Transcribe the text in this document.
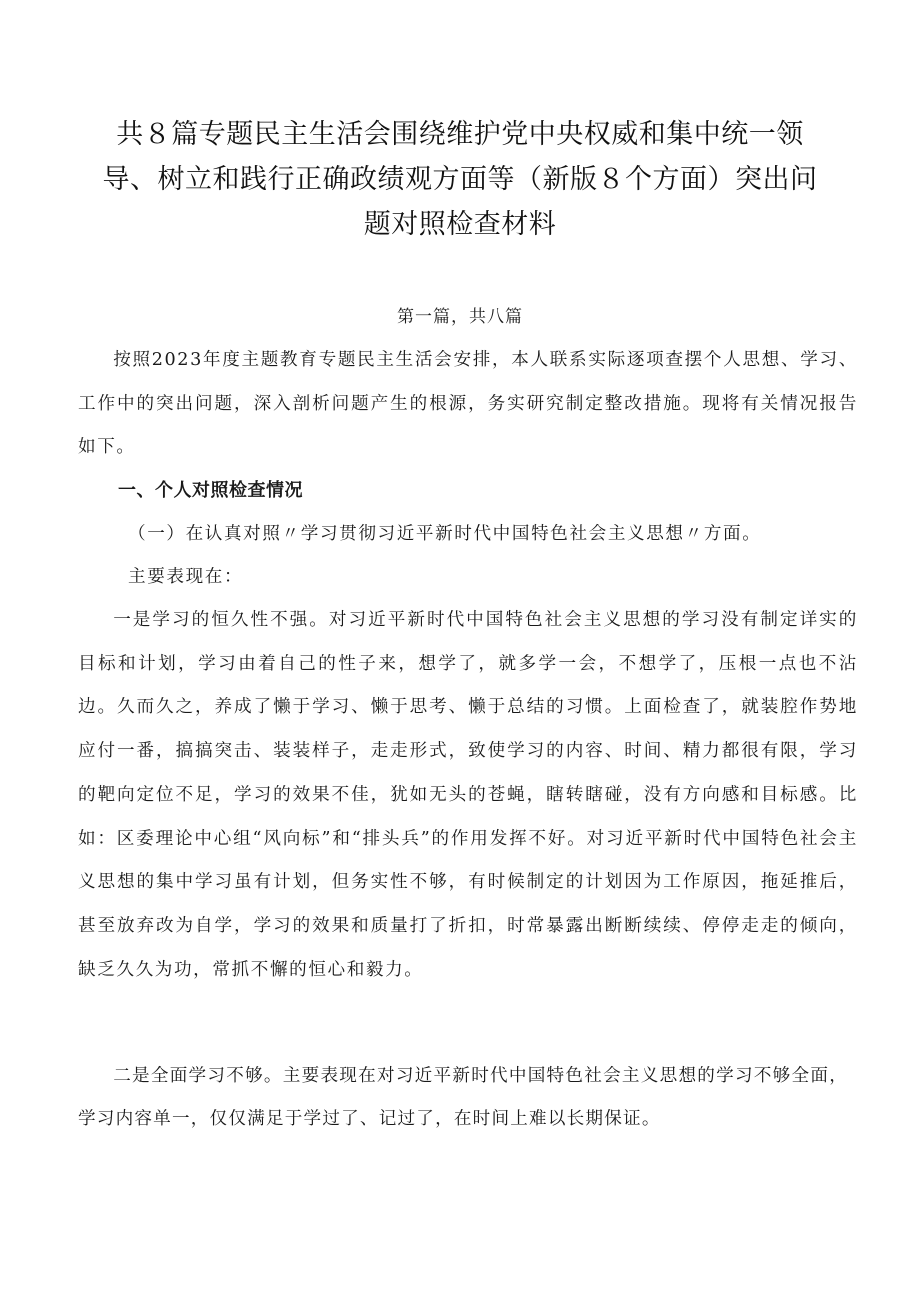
共８篇专题民主生活会围绕维护党中央权威和集中统一领导、树立和践行正确政绩观方面等（新版８个方面）突出问题对照检查材料
第一篇，共八篇

按照2023年度主题教育专题民主生活会安排，本人联系实际逐项查摆个人思想、学习、工作中的突出问题，深入剖析问题产生的根源，务实研究制定整改措施。现将有关情况报告如下。

一、个人对照检查情况

（一）在认真对照〃学习贯彻习近平新时代中国特色社会主义思想〃方面。

主要表现在：

一是学习的恒久性不强。对习近平新时代中国特色社会主义思想的学习没有制定详实的目标和计划，学习由着自己的性子来，想学了，就多学一会，不想学了，压根一点也不沾边。久而久之，养成了懒于学习、懒于思考、懒于总结的习惯。上面检查了，就装腔作势地应付一番，搞搞突击、装装样子，走走形式，致使学习的内容、时间、精力都很有限，学习的靶向定位不足，学习的效果不佳，犹如无头的苍蝇，瞎转瞎碰，没有方向感和目标感。比如：区委理论中心组“风向标”和“排头兵”的作用发挥不好。对习近平新时代中国特色社会主义思想的集中学习虽有计划，但务实性不够，有时候制定的计划因为工作原因，拖延推后，甚至放弃改为自学，学习的效果和质量打了折扣，时常暴露出断断续续、停停走走的倾向，缺乏久久为功，常抓不懈的恒心和毅力。

二是全面学习不够。主要表现在对习近平新时代中国特色社会主义思想的学习不够全面，学习内容单一，仅仅满足于学过了、记过了，在时间上难以长期保证。
